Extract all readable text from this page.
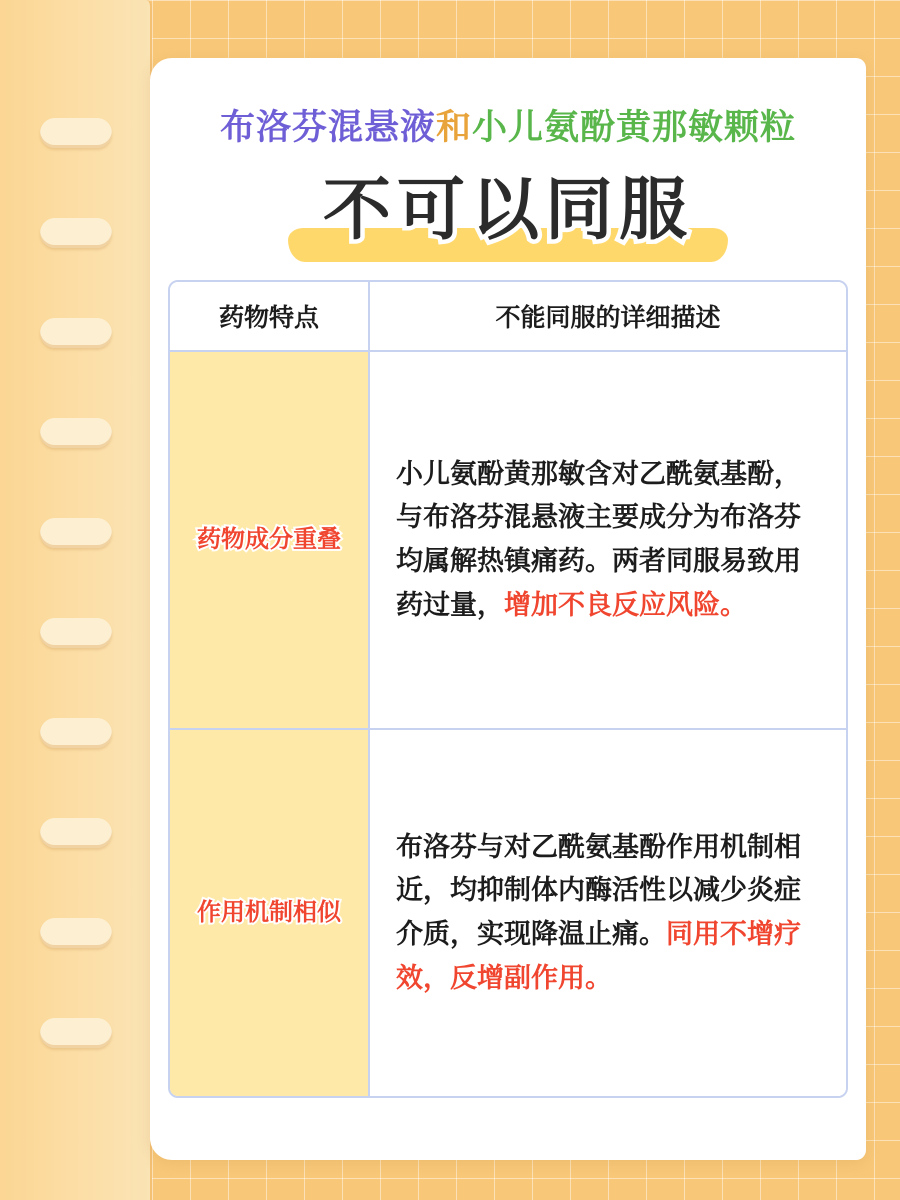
布洛芬混悬液和小儿氨酚黄那敏颗粒
不可以同服
药物特点	不能同服的详细描述
药物成分重叠
小儿氨酚黄那敏含对乙酰氨基酚，与布洛芬混悬液主要成分为布洛芬均属解热镇痛药。两者同服易致用药过量，增加不良反应风险。
作用机制相似
布洛芬与对乙酰氨基酚作用机制相近，均抑制体内酶活性以减少炎症介质，实现降温止痛。同用不增疗效，反增副作用。
